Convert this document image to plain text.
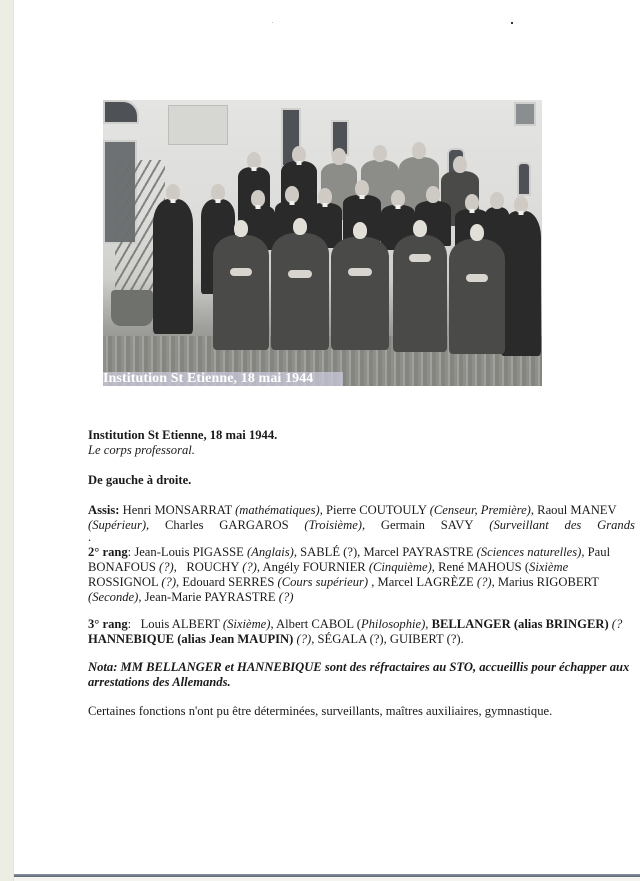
Institution St Etienne, 18 mai 1944
Institution St Etienne, 18 mai 1944.
Le corps professoral.
De gauche à droite.
Assis: Henri MONSARRAT (mathématiques), Pierre COUTOULY (Censeur, Première), Raoul MANEV
(Supérieur), Charles GARGAROS (Troisième), Germain SAVY (Surveillant des Grands
.
2° rang: Jean-Louis PIGASSE (Anglais), SABLÉ (?), Marcel PAYRASTRE (Sciences naturelles), Paul
BONAFOUS (?),   ROUCHY (?), Angély FOURNIER (Cinquième), René MAHOUS (Sixième
ROSSIGNOL (?), Edouard SERRES (Cours supérieur) , Marcel LAGRÈZE (?), Marius RIGOBERT
(Seconde), Jean-Marie PAYRASTRE (?)
3° rang:   Louis ALBERT (Sixième), Albert CABOL (Philosophie), BELLANGER (alias BRINGER) (?
HANNEBIQUE (alias Jean MAUPIN) (?), SÉGALA (?), GUIBERT (?).
Nota: MM BELLANGER et HANNEBIQUE sont des réfractaires au STO, accueillis pour échapper aux
arrestations des Allemands.
Certaines fonctions n'ont pu être déterminées, surveillants, maîtres auxiliaires, gymnastique.
